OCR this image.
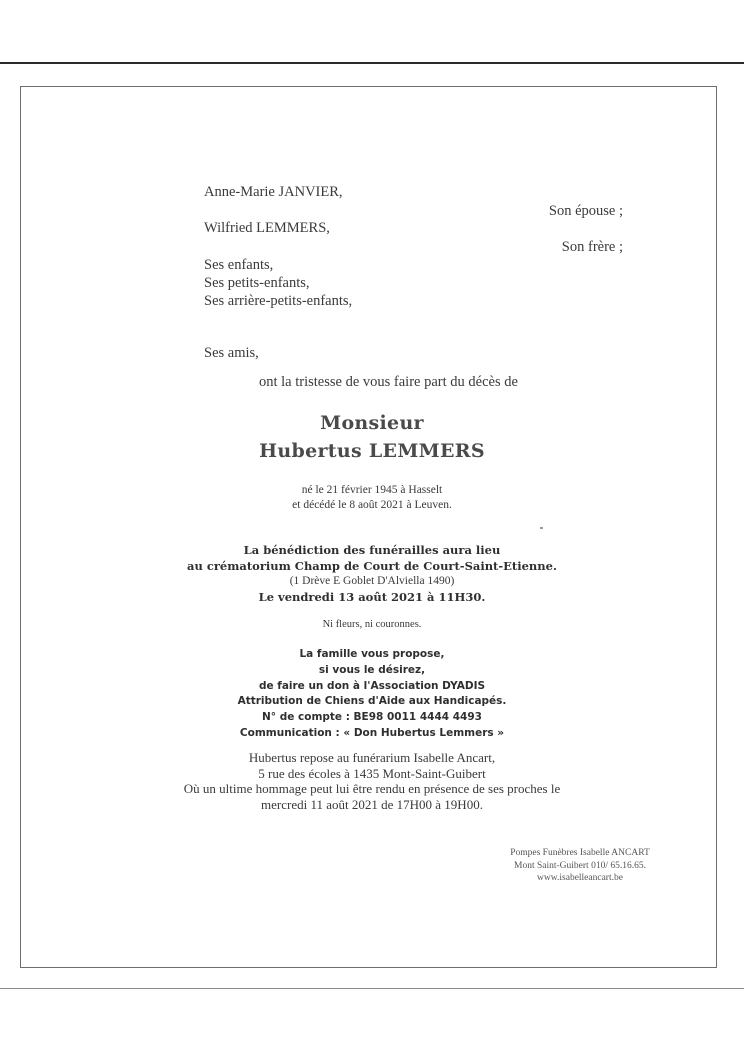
Anne-Marie JANVIER,
Son épouse ;
Wilfried LEMMERS,
Son frère ;
Ses enfants,
Ses petits-enfants,
Ses arrière-petits-enfants,
Ses amis,
ont la tristesse de vous faire part du décès de
Monsieur
Hubertus LEMMERS
né le 21 février 1945 à Hasselt
et décédé le 8 août 2021 à Leuven.
La bénédiction des funérailles aura lieu
au crématorium Champ de Court de Court-Saint-Etienne.
(1 Drève E Goblet D'Alviella 1490)
Le vendredi 13 août 2021 à 11H30.
Ni fleurs, ni couronnes.
La famille vous propose,
si vous le désirez,
de faire un don à l'Association DYADIS
Attribution de Chiens d'Aide aux Handicapés.
N° de compte : BE98 0011 4444 4493
Communication : « Don Hubertus Lemmers »
Hubertus repose au funérarium Isabelle Ancart,
5 rue des écoles à 1435 Mont-Saint-Guibert
Où un ultime hommage peut lui être rendu en présence de ses proches le
mercredi 11 août 2021 de 17H00 à 19H00.
Pompes Funèbres Isabelle ANCART
Mont Saint-Guibert 010/ 65.16.65.
www.isabelleancart.be
